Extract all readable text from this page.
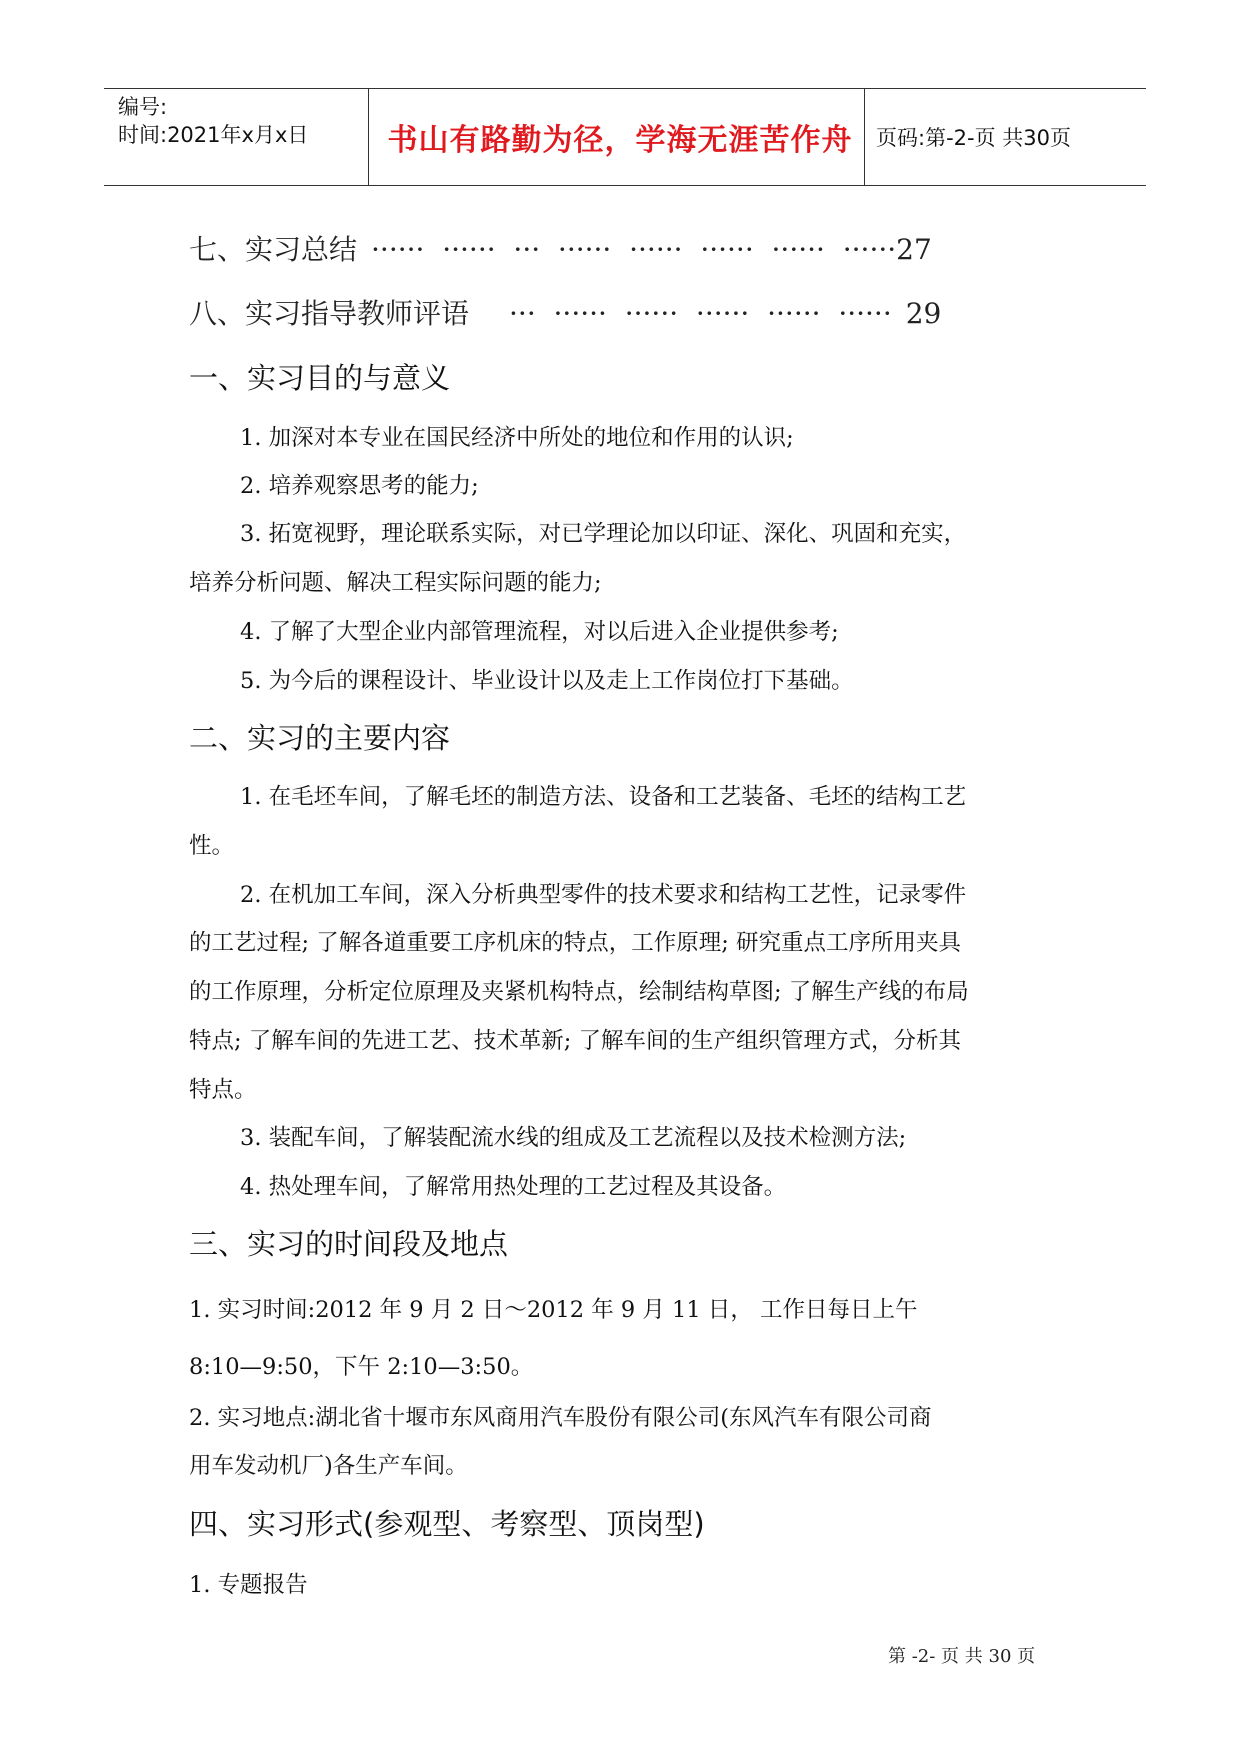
编号:
时间:2021年x月x日	书山有路勤为径，学海无涯苦作舟	页码:第-2-页 共30页
七、实习总结 ······  ······  ···  ······  ······  ······  ······  ······27
八、实习指导教师评语 ···  ······  ······  ······  ······  ······ 29
一、实习目的与意义
1. 加深对本专业在国民经济中所处的地位和作用的认识;
2. 培养观察思考的能力;
3. 拓宽视野，理论联系实际，对已学理论加以印证、深化、巩固和充实，
培养分析问题、解决工程实际问题的能力;
4. 了解了大型企业内部管理流程，对以后进入企业提供参考;
5. 为今后的课程设计、毕业设计以及走上工作岗位打下基础。
二、实习的主要内容
1. 在毛坯车间，了解毛坯的制造方法、设备和工艺装备、毛坯的结构工艺
性。
2. 在机加工车间，深入分析典型零件的技术要求和结构工艺性，记录零件
的工艺过程; 了解各道重要工序机床的特点，工作原理; 研究重点工序所用夹具
的工作原理，分析定位原理及夹紧机构特点，绘制结构草图; 了解生产线的布局
特点; 了解车间的先进工艺、技术革新; 了解车间的生产组织管理方式，分析其
特点。
3. 装配车间，了解装配流水线的组成及工艺流程以及技术检测方法;
4. 热处理车间，了解常用热处理的工艺过程及其设备。
三、实习的时间段及地点
1. 实习时间:2012 年 9 月 2 日～2012 年 9 月 11 日， 工作日每日上午
8:10—9:50，下午 2:10—3:50。
2. 实习地点:湖北省十堰市东风商用汽车股份有限公司(东风汽车有限公司商
用车发动机厂)各生产车间。
四、实习形式(参观型、考察型、顶岗型)
1. 专题报告
第 -2- 页 共 30 页
